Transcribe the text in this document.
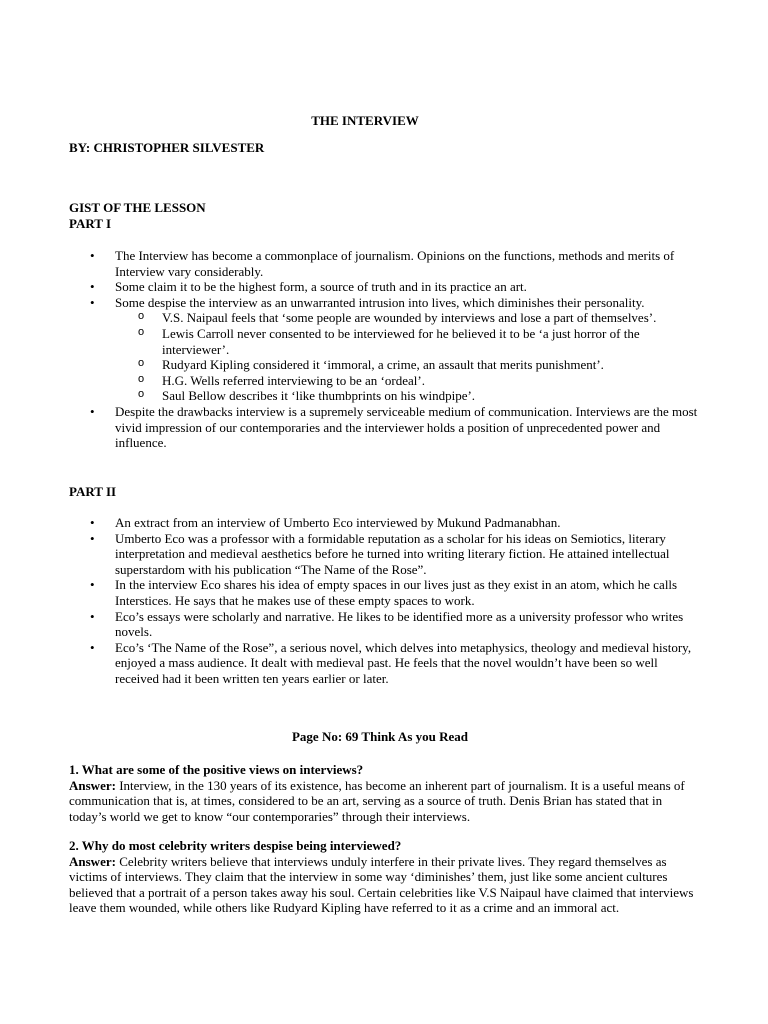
THE INTERVIEW
BY: CHRISTOPHER SILVESTER
GIST OF THE LESSON
PART I
• The Interview has become a commonplace of journalism. Opinions on the functions, methods and merits of Interview vary considerably.
• Some claim it to be the highest form, a source of truth and in its practice an art.
• Some despise the interview as an unwarranted intrusion into lives, which diminishes their personality.
o V.S. Naipaul feels that ‘some people are wounded by interviews and lose a part of themselves’.
o Lewis Carroll never consented to be interviewed for he believed it to be ‘a just horror of the interviewer’.
o Rudyard Kipling considered it ‘immoral, a crime, an assault that merits punishment’.
o H.G. Wells referred interviewing to be an ‘ordeal’.
o Saul Bellow describes it ‘like thumbprints on his windpipe’.
• Despite the drawbacks interview is a supremely serviceable medium of communication. Interviews are the most vivid impression of our contemporaries and the interviewer holds a position of unprecedented power and influence.
PART II
• An extract from an interview of Umberto Eco interviewed by Mukund Padmanabhan.
• Umberto Eco was a professor with a formidable reputation as a scholar for his ideas on Semiotics, literary interpretation and medieval aesthetics before he turned into writing literary fiction. He attained intellectual superstardom with his publication “The Name of the Rose”.
• In the interview Eco shares his idea of empty spaces in our lives just as they exist in an atom, which he calls Interstices. He says that he makes use of these empty spaces to work.
• Eco’s essays were scholarly and narrative. He likes to be identified more as a university professor who writes novels.
• Eco’s ‘The Name of the Rose”, a serious novel, which delves into metaphysics, theology and medieval history, enjoyed a mass audience. It dealt with medieval past. He feels that the novel wouldn’t have been so well received had it been written ten years earlier or later.
Page No: 69 Think As you Read

1. What are some of the positive views on interviews?

Answer: Interview, in the 130 years of its existence, has become an inherent part of journalism. It is a useful means of communication that is, at times, considered to be an art, serving as a source of truth. Denis Brian has stated that in today’s world we get to know “our contemporaries” through their interviews.

2. Why do most celebrity writers despise being interviewed?

Answer: Celebrity writers believe that interviews unduly interfere in their private lives. They regard themselves as victims of interviews. They claim that the interview in some way ‘diminishes’ them, just like some ancient cultures believed that a portrait of a person takes away his soul. Certain celebrities like V.S Naipaul have claimed that interviews leave them wounded, while others like Rudyard Kipling have referred to it as a crime and an immoral act.
